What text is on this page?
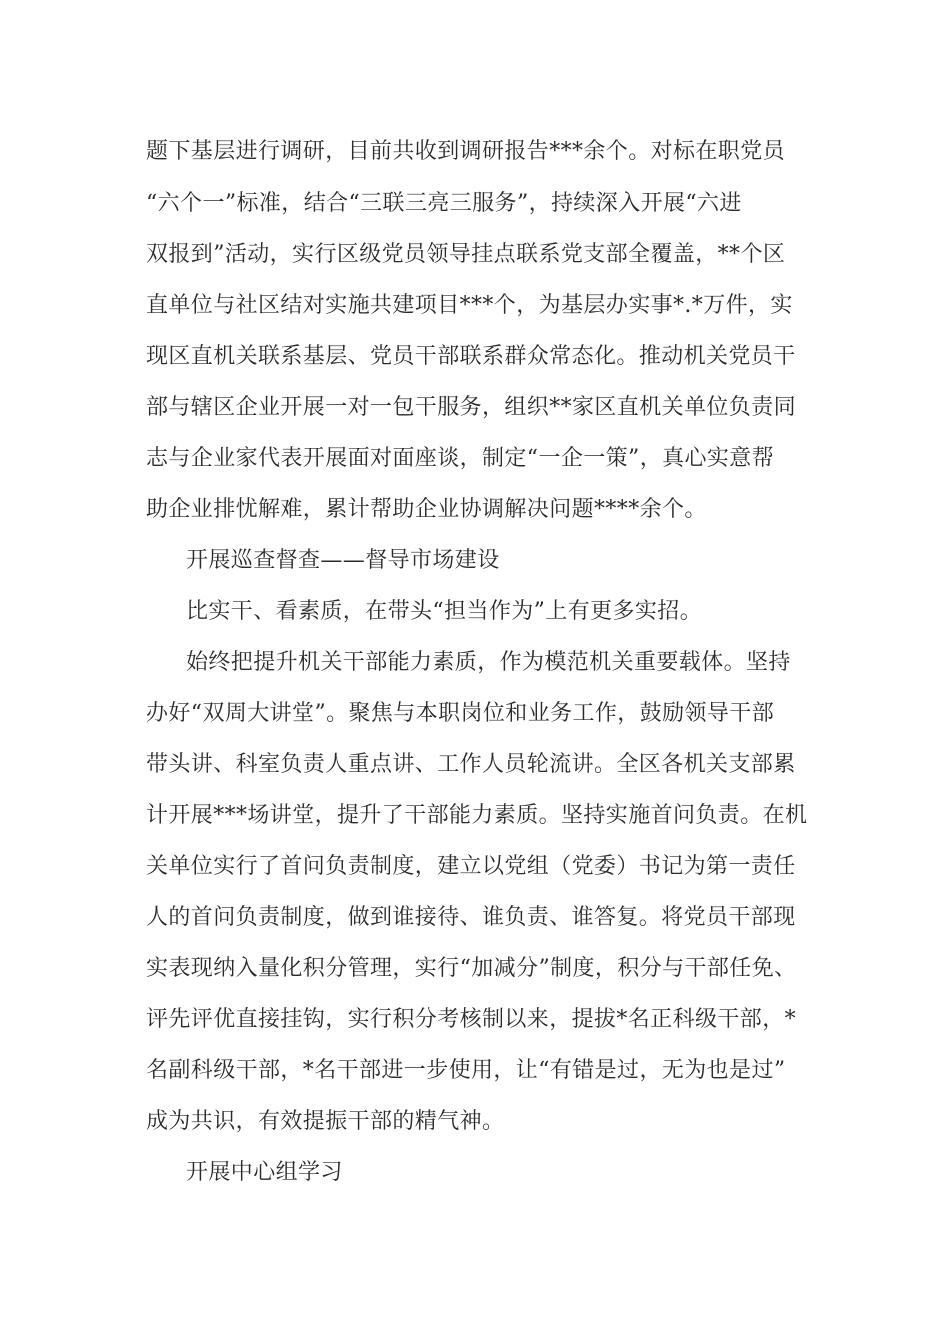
题下基层进行调研，目前共收到调研报告***余个。对标在职党员
“六个一”标准，结合“三联三亮三服务”，持续深入开展“六进
双报到”活动，实行区级党员领导挂点联系党支部全覆盖，**个区
直单位与社区结对实施共建项目***个，为基层办实事*.*万件，实
现区直机关联系基层、党员干部联系群众常态化。推动机关党员干
部与辖区企业开展一对一包干服务，组织**家区直机关单位负责同
志与企业家代表开展面对面座谈，制定“一企一策”，真心实意帮
助企业排忧解难，累计帮助企业协调解决问题****余个。
开展巡查督查——督导市场建设
比实干、看素质，在带头“担当作为”上有更多实招。
始终把提升机关干部能力素质，作为模范机关重要载体。坚持
办好“双周大讲堂”。聚焦与本职岗位和业务工作，鼓励领导干部
带头讲、科室负责人重点讲、工作人员轮流讲。全区各机关支部累
计开展***场讲堂，提升了干部能力素质。坚持实施首问负责。在机
关单位实行了首问负责制度，建立以党组（党委）书记为第一责任
人的首问负责制度，做到谁接待、谁负责、谁答复。将党员干部现
实表现纳入量化积分管理，实行“加减分”制度，积分与干部任免、
评先评优直接挂钩，实行积分考核制以来，提拔*名正科级干部，*
名副科级干部，*名干部进一步使用，让“有错是过，无为也是过”
成为共识，有效提振干部的精气神。
开展中心组学习
